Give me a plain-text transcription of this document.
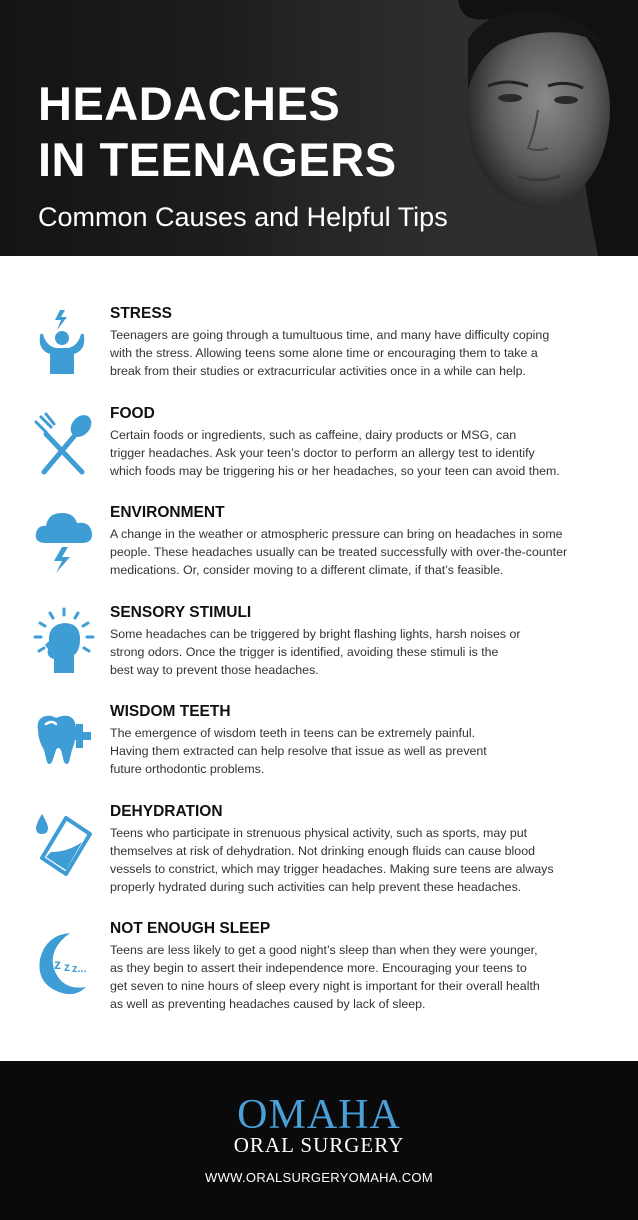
HEADACHES
IN TEENAGERS
Common Causes and Helpful Tips
STRESS
Teenagers are going through a tumultuous time, and many have difficulty coping
with the stress. Allowing teens some alone time or encouraging them to take a
break from their studies or extracurricular activities once in a while can help.
FOOD
Certain foods or ingredients, such as caffeine, dairy products or MSG, can
trigger headaches. Ask your teen’s doctor to perform an allergy test to identify
which foods may be triggering his or her headaches, so your teen can avoid them.
ENVIRONMENT
A change in the weather or atmospheric pressure can bring on headaches in some
people. These headaches usually can be treated successfully with over-the-counter
medications. Or, consider moving to a different climate, if that’s feasible.
SENSORY STIMULI
Some headaches can be triggered by bright flashing lights, harsh noises or
strong odors. Once the trigger is identified, avoiding these stimuli is the
best way to prevent those headaches.
WISDOM TEETH
The emergence of wisdom teeth in teens can be extremely painful.
Having them extracted can help resolve that issue as well as prevent
future orthodontic problems.
DEHYDRATION
Teens who participate in strenuous physical activity, such as sports, may put
themselves at risk of dehydration. Not drinking enough fluids can cause blood
vessels to constrict, which may trigger headaches. Making sure teens are always
properly hydrated during such activities can help prevent these headaches.
z z z...
NOT ENOUGH SLEEP
Teens are less likely to get a good night’s sleep than when they were younger,
as they begin to assert their independence more. Encouraging your teens to
get seven to nine hours of sleep every night is important for their overall health
as well as preventing headaches caused by lack of sleep.
OMAHA
ORAL SURGERY
WWW.ORALSURGERYOMAHA.COM
